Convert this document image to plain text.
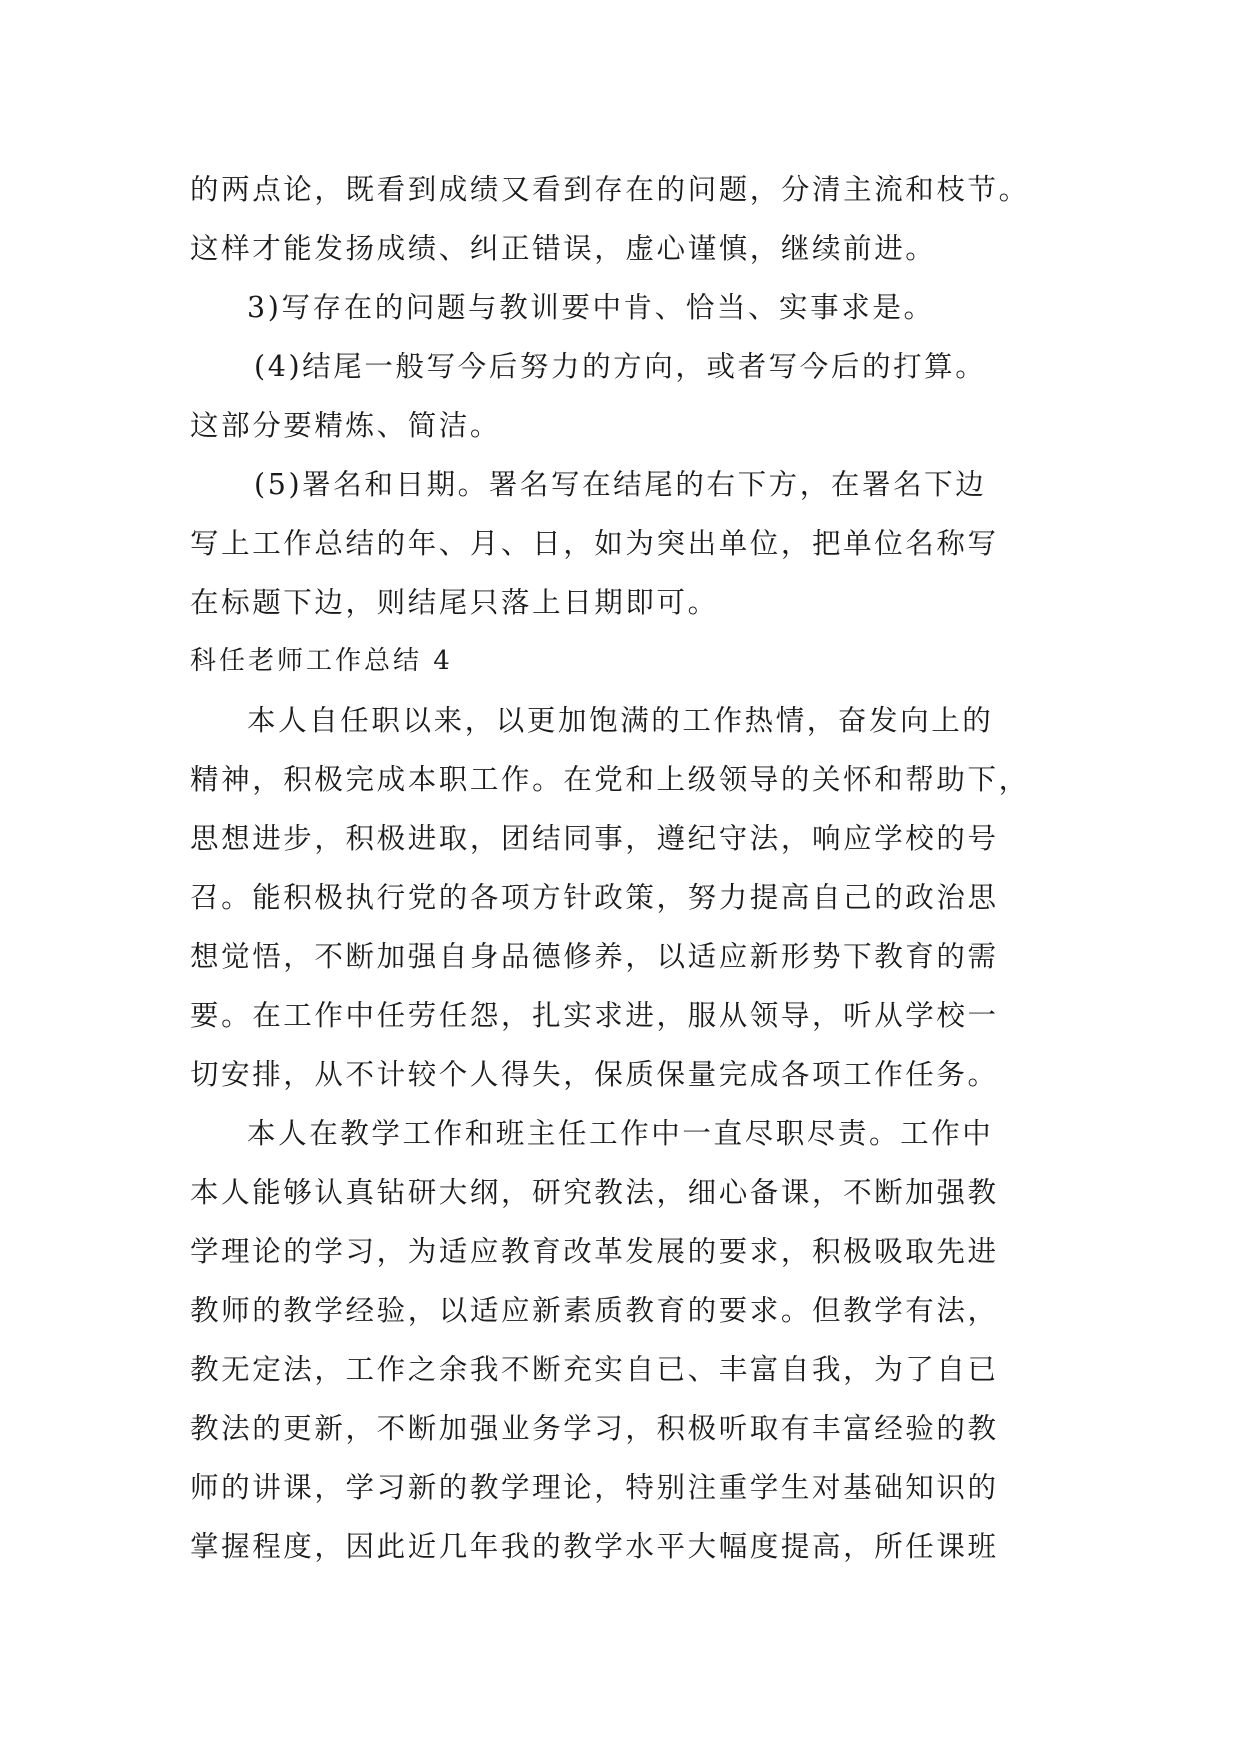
的两点论，既看到成绩又看到存在的问题，分清主流和枝节。
这样才能发扬成绩、纠正错误，虚心谨慎，继续前进。
3)写存在的问题与教训要中肯、恰当、实事求是。
(4)结尾一般写今后努力的方向，或者写今后的打算。
这部分要精炼、简洁。
(5)署名和日期。署名写在结尾的右下方，在署名下边
写上工作总结的年、月、日，如为突出单位，把单位名称写
在标题下边，则结尾只落上日期即可。
科任老师工作总结 4
本人自任职以来，以更加饱满的工作热情，奋发向上的
精神，积极完成本职工作。在党和上级领导的关怀和帮助下，
思想进步，积极进取，团结同事，遵纪守法，响应学校的号
召。能积极执行党的各项方针政策，努力提高自己的政治思
想觉悟，不断加强自身品德修养，以适应新形势下教育的需
要。在工作中任劳任怨，扎实求进，服从领导，听从学校一
切安排，从不计较个人得失，保质保量完成各项工作任务。
本人在教学工作和班主任工作中一直尽职尽责。工作中
本人能够认真钻研大纲，研究教法，细心备课，不断加强教
学理论的学习，为适应教育改革发展的要求，积极吸取先进
教师的教学经验，以适应新素质教育的要求。但教学有法，
教无定法，工作之余我不断充实自已、丰富自我，为了自已
教法的更新，不断加强业务学习，积极听取有丰富经验的教
师的讲课，学习新的教学理论，特别注重学生对基础知识的
掌握程度，因此近几年我的教学水平大幅度提高，所任课班
